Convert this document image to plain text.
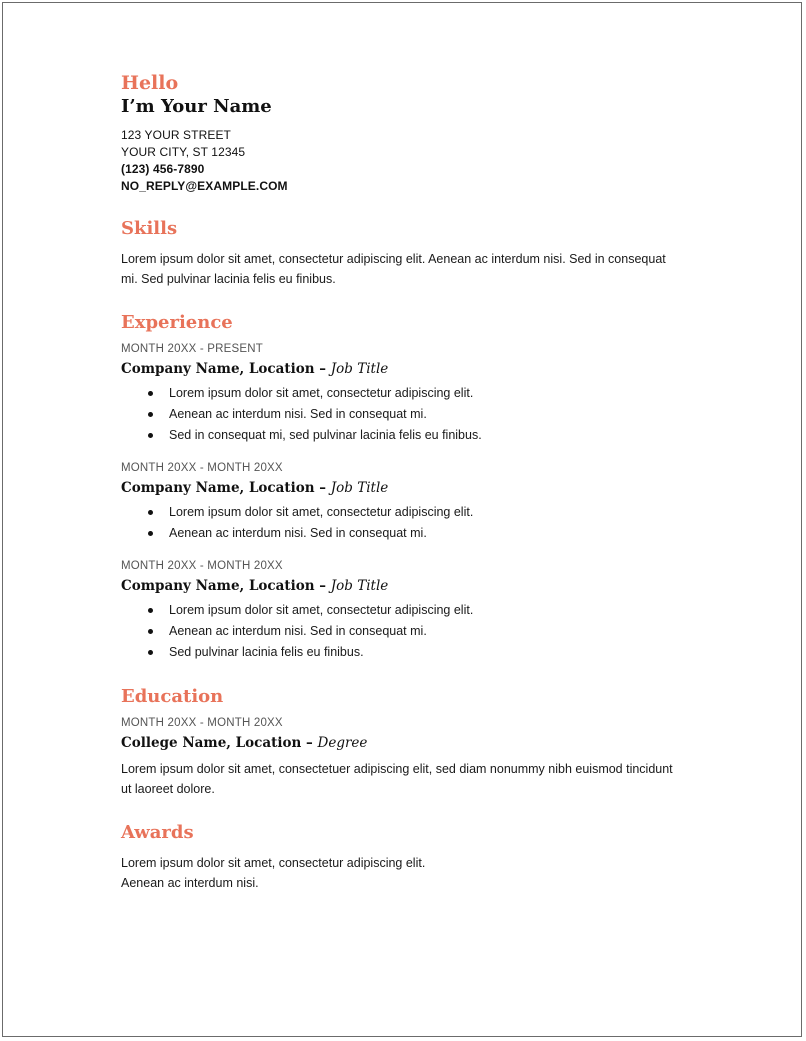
Hello
I’m Your Name
123 YOUR STREET
YOUR CITY, ST 12345
(123) 456-7890
NO_REPLY@EXAMPLE.COM
Skills
Lorem ipsum dolor sit amet, consectetur adipiscing elit. Aenean ac interdum nisi. Sed in consequat
mi. Sed pulvinar lacinia felis eu finibus.
Experience
MONTH 20XX - PRESENT
Company Name, Location – Job Title
Lorem ipsum dolor sit amet, consectetur adipiscing elit.
Aenean ac interdum nisi. Sed in consequat mi.
Sed in consequat mi, sed pulvinar lacinia felis eu finibus.
MONTH 20XX - MONTH 20XX
Company Name, Location – Job Title
Lorem ipsum dolor sit amet, consectetur adipiscing elit.
Aenean ac interdum nisi. Sed in consequat mi.
MONTH 20XX - MONTH 20XX
Company Name, Location – Job Title
Lorem ipsum dolor sit amet, consectetur adipiscing elit.
Aenean ac interdum nisi. Sed in consequat mi.
Sed pulvinar lacinia felis eu finibus.
Education
MONTH 20XX - MONTH 20XX
College Name, Location – Degree
Lorem ipsum dolor sit amet, consectetuer adipiscing elit, sed diam nonummy nibh euismod tincidunt
ut laoreet dolore.
Awards
Lorem ipsum dolor sit amet, consectetur adipiscing elit.
Aenean ac interdum nisi.
